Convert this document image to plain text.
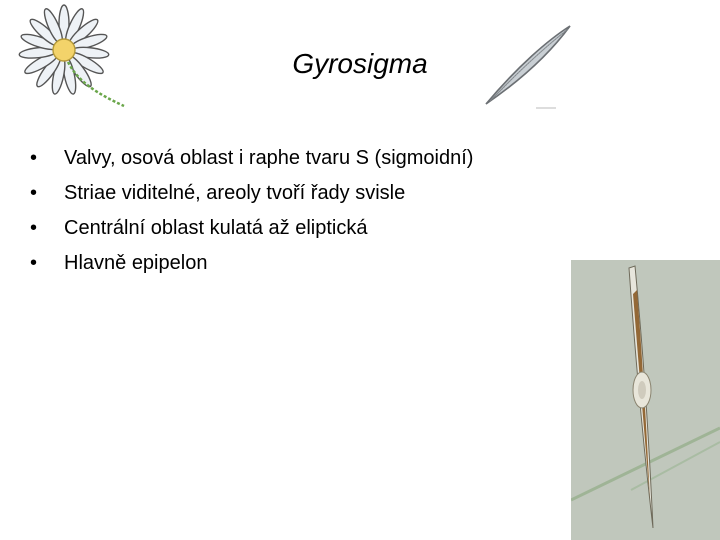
Gyrosigma
• Valvy, osová oblast i raphe tvaru S (sigmoidní)
• Striae viditelné, areoly tvoří řady svisle
• Centrální oblast kulatá až eliptická
• Hlavně epipelon
